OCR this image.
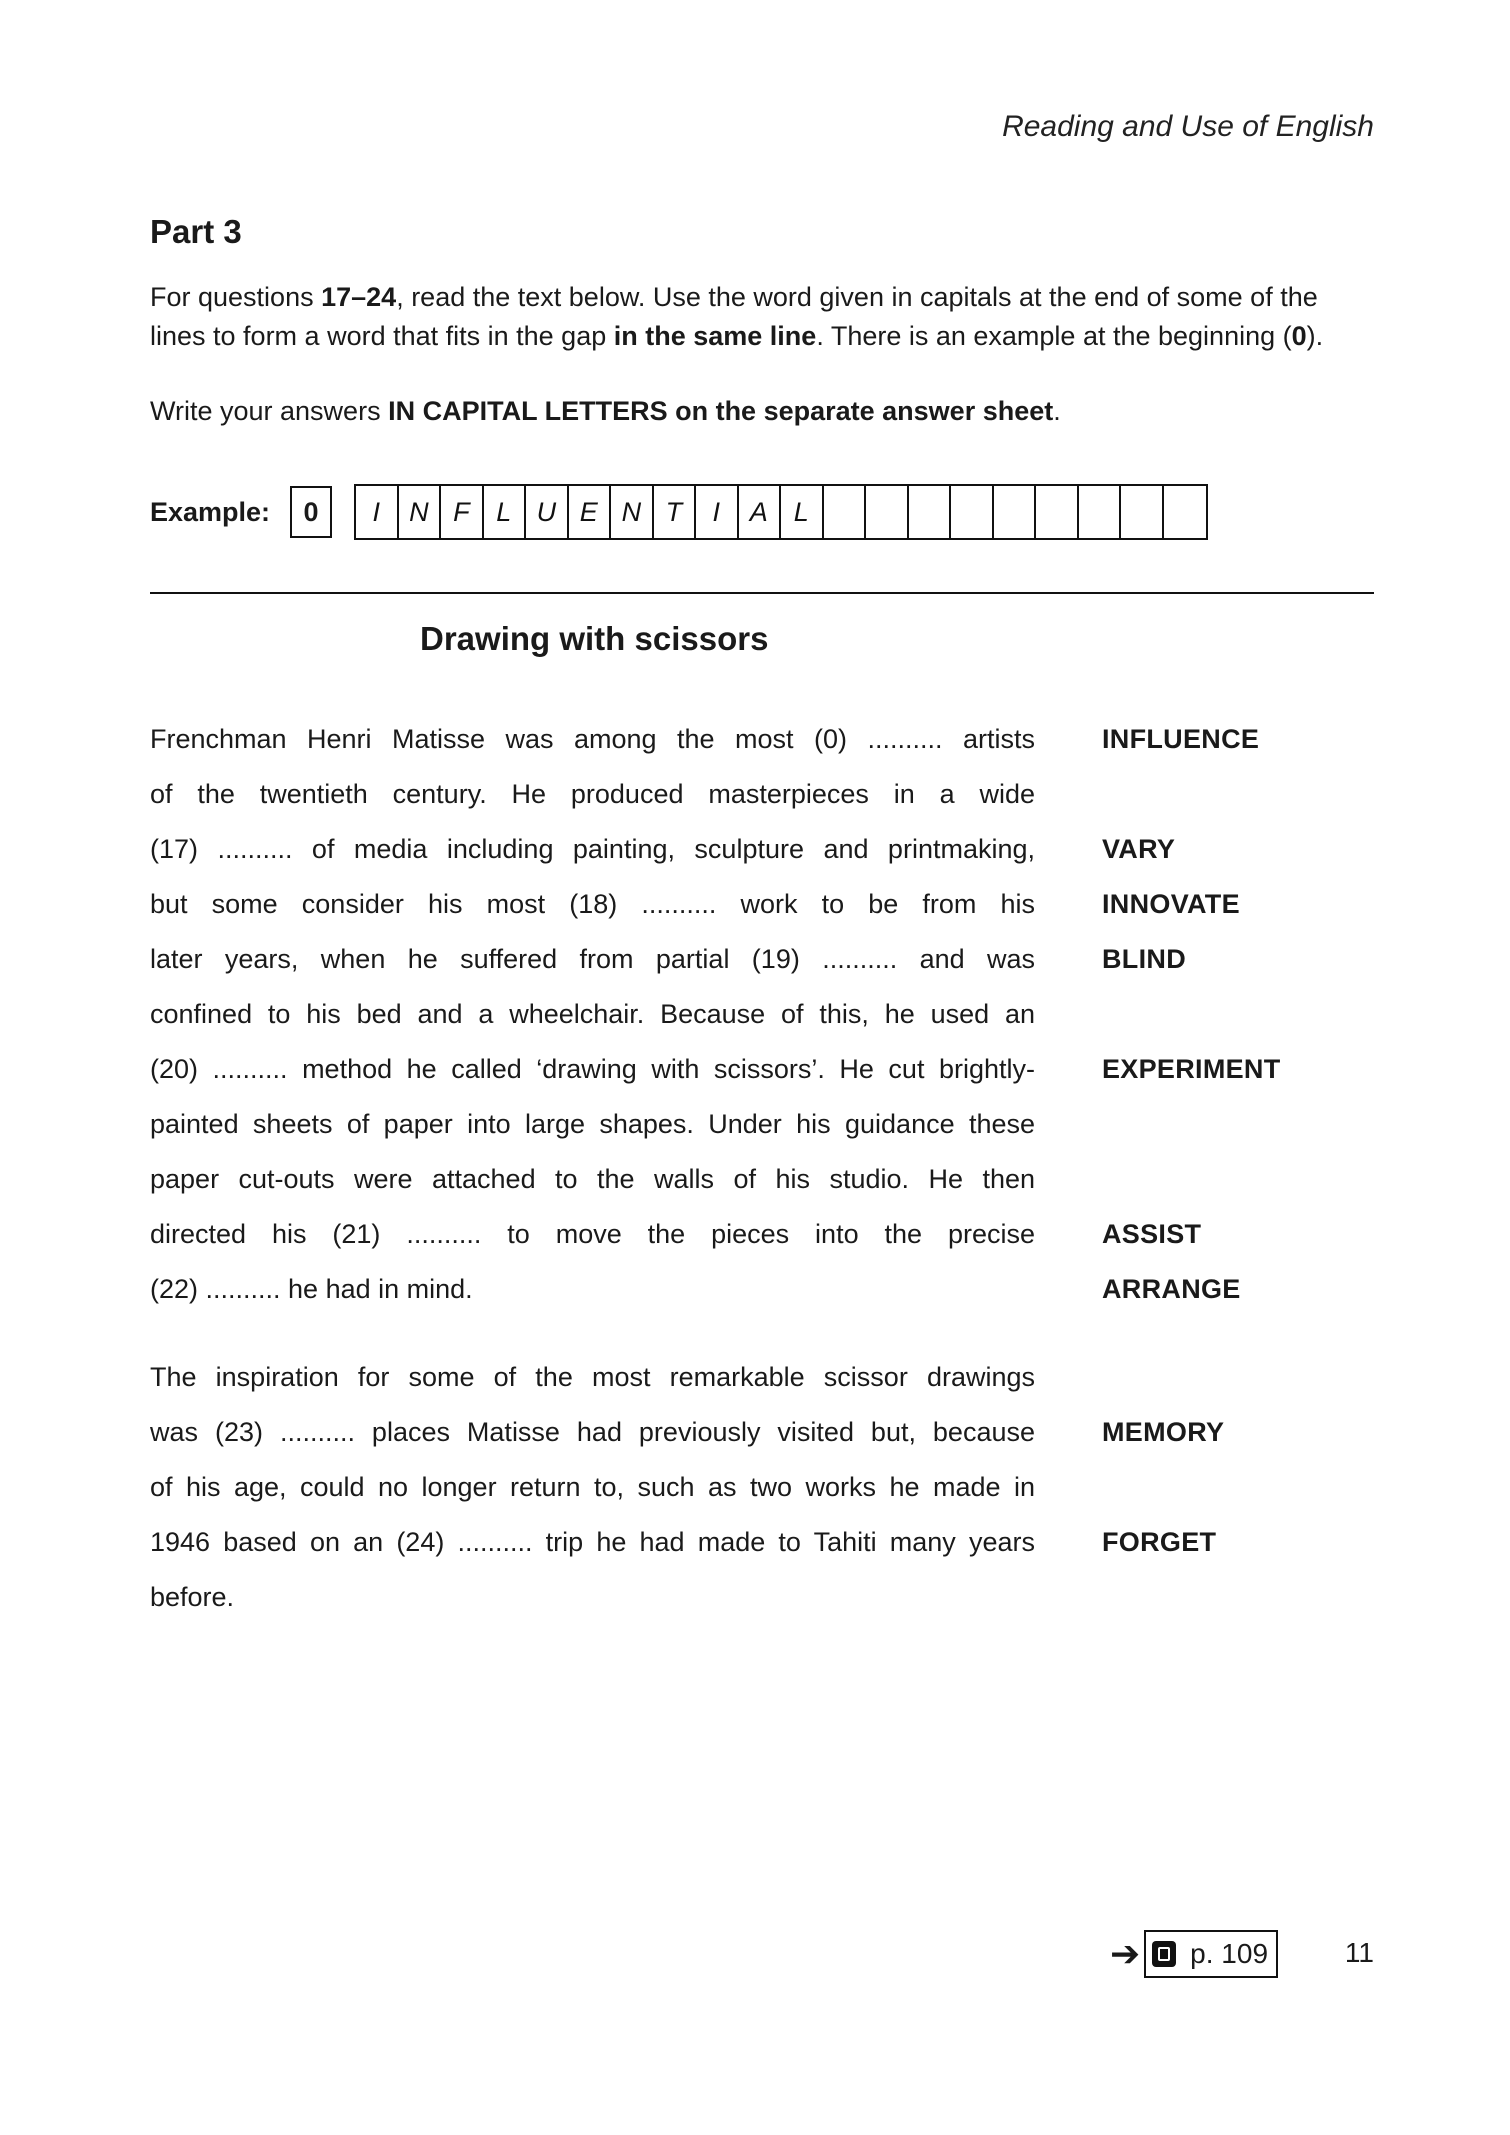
Reading and Use of English
Part 3

For questions 17–24, read the text below. Use the word given in capitals at the end of some of the lines to form a word that fits in the gap in the same line. There is an example at the beginning (0).

Write your answers IN CAPITAL LETTERS on the separate answer sheet.

Example:	0	I	N F L U E N T	I	A L
Drawing with scissors
Frenchman Henri Matisse was among the most (0) .......... artists INFLUENCE
of the twentieth century. He produced masterpieces in a wide
(17) .......... of media including painting, sculpture and printmaking, VARY
but some consider his most (18) .......... work to be from his INNOVATE
later years, when he suffered from partial (19) .......... and was BLIND
confined to his bed and a wheelchair. Because of this, he used an
(20) .......... method he called ‘drawing with scissors’. He cut brightly- EXPERIMENT
painted sheets of paper into large shapes. Under his guidance these
paper cut-outs were attached to the walls of his studio. He then
directed his (21) .......... to move the pieces into the precise ASSIST
(22) .......... he had in mind.	ARRANGE
The inspiration for some of the most remarkable scissor drawings
was (23) .......... places Matisse had previously visited but, because MEMORY
of his age, could no longer return to, such as two works he made in
1946 based on an (24) .......... trip he had made to Tahiti many years FORGET
before.
➔ p. 109	11
